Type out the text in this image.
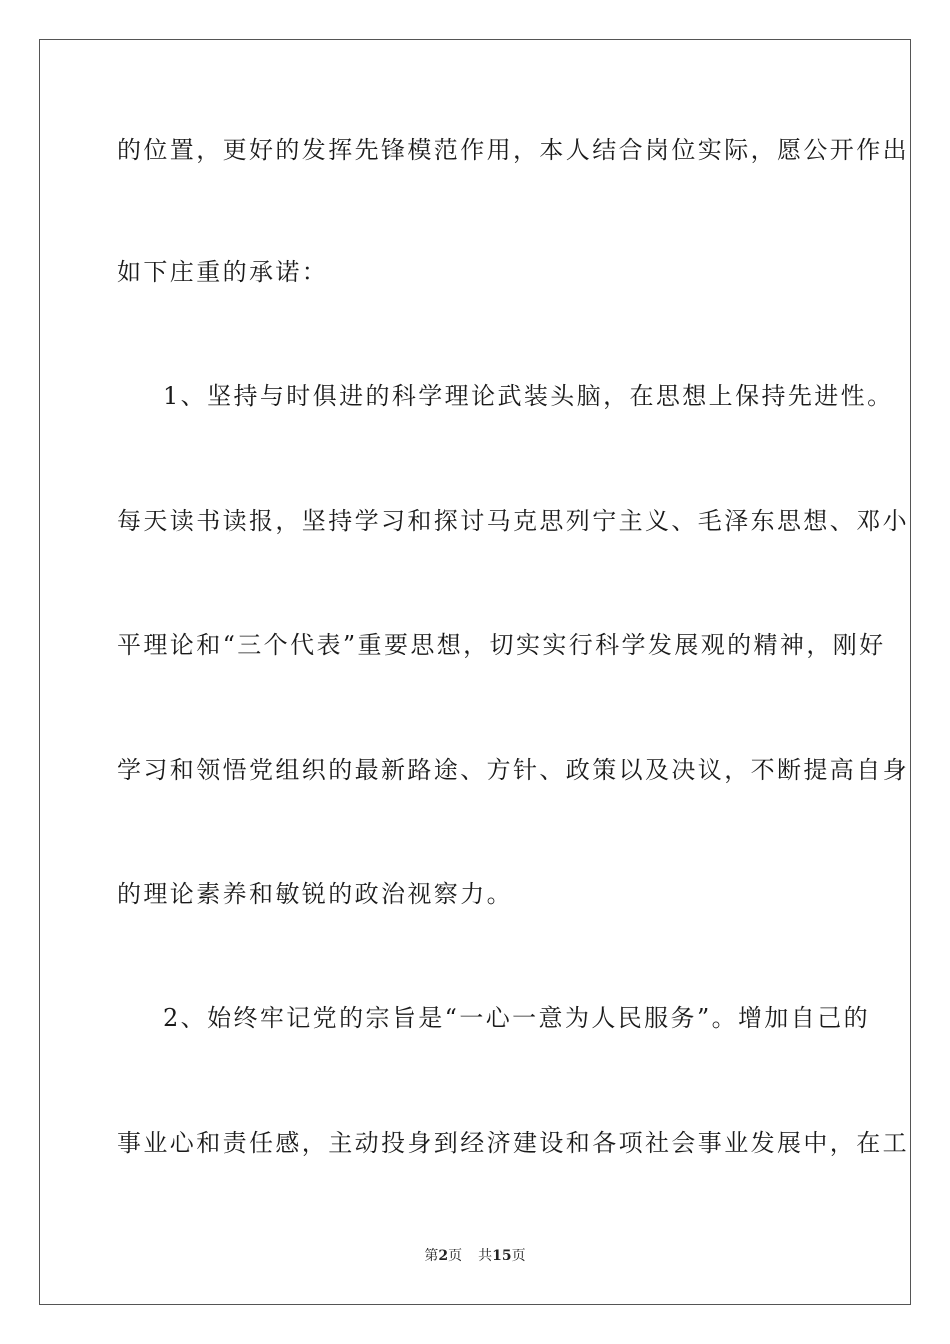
的位置，更好的发挥先锋模范作用，本人结合岗位实际，愿公开作出
如下庄重的承诺：
1、坚持与时俱进的科学理论武装头脑，在思想上保持先进性。
每天读书读报，坚持学习和探讨马克思列宁主义、毛泽东思想、邓小
平理论和“三个代表”重要思想，切实实行科学发展观的精神，刚好
学习和领悟党组织的最新路途、方针、政策以及决议，不断提高自身
的理论素养和敏锐的政治视察力。
2、始终牢记党的宗旨是“一心一意为人民服务”。增加自己的
事业心和责任感，主动投身到经济建设和各项社会事业发展中，在工
第2页 共15页
